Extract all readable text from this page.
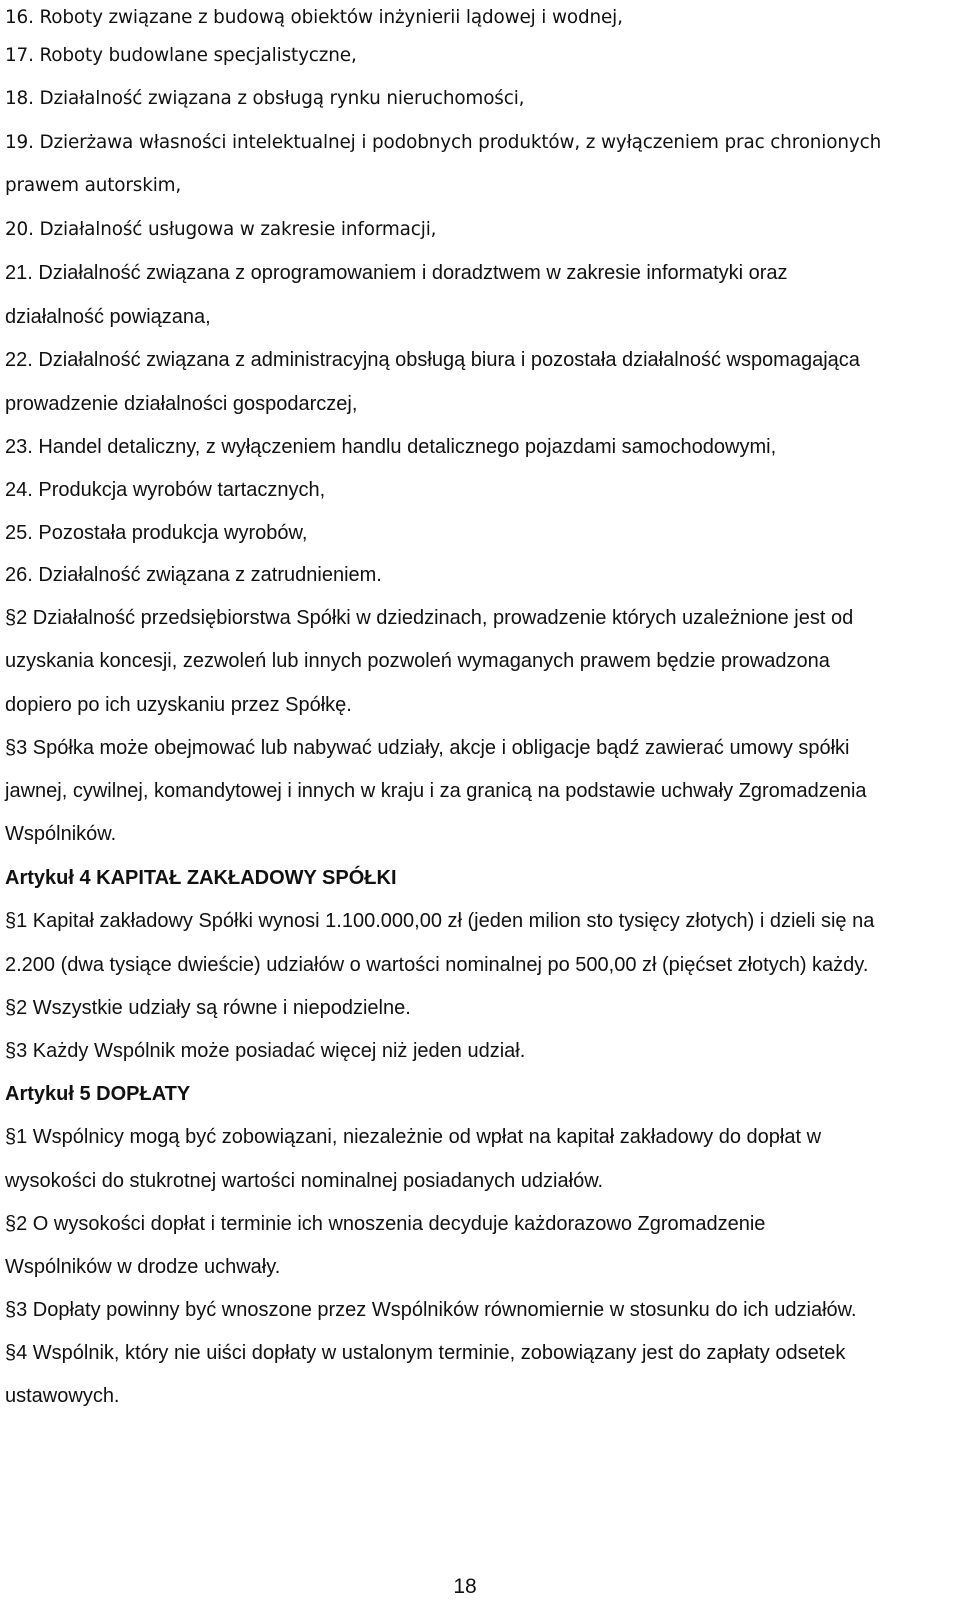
16. Roboty związane z budową obiektów inżynierii lądowej i wodnej,
17. Roboty budowlane specjalistyczne,
18. Działalność związana z obsługą rynku nieruchomości,
19. Dzierżawa własności intelektualnej i podobnych produktów, z wyłączeniem prac chronionych
prawem autorskim,
20. Działalność usługowa w zakresie informacji,
21. Działalność związana z oprogramowaniem i doradztwem w zakresie informatyki oraz
działalność powiązana,
22. Działalność związana z administracyjną obsługą biura i pozostała działalność wspomagająca
prowadzenie działalności gospodarczej,
23. Handel detaliczny, z wyłączeniem handlu detalicznego pojazdami samochodowymi,
24. Produkcja wyrobów tartacznych,
25. Pozostała produkcja wyrobów,
26. Działalność związana z zatrudnieniem.
§2 Działalność przedsiębiorstwa Spółki w dziedzinach, prowadzenie których uzależnione jest od
uzyskania koncesji, zezwoleń lub innych pozwoleń wymaganych prawem będzie prowadzona
dopiero po ich uzyskaniu przez Spółkę.
§3 Spółka może obejmować lub nabywać udziały, akcje i obligacje bądź zawierać umowy spółki
jawnej, cywilnej, komandytowej i innych w kraju i za granicą na podstawie uchwały Zgromadzenia
Wspólników.
Artykuł 4 KAPITAŁ ZAKŁADOWY SPÓŁKI
§1 Kapitał zakładowy Spółki wynosi 1.100.000,00 zł (jeden milion sto tysięcy złotych) i dzieli się na
2.200 (dwa tysiące dwieście) udziałów o wartości nominalnej po 500,00 zł (pięćset złotych) każdy.
§2 Wszystkie udziały są równe i niepodzielne.
§3 Każdy Wspólnik może posiadać więcej niż jeden udział.
Artykuł 5 DOPŁATY
§1 Wspólnicy mogą być zobowiązani, niezależnie od wpłat na kapitał zakładowy do dopłat w
wysokości do stukrotnej wartości nominalnej posiadanych udziałów.
§2 O wysokości dopłat i terminie ich wnoszenia decyduje każdorazowo Zgromadzenie
Wspólników w drodze uchwały.
§3 Dopłaty powinny być wnoszone przez Wspólników równomiernie w stosunku do ich udziałów.
§4 Wspólnik, który nie uiści dopłaty w ustalonym terminie, zobowiązany jest do zapłaty odsetek
ustawowych.
18
